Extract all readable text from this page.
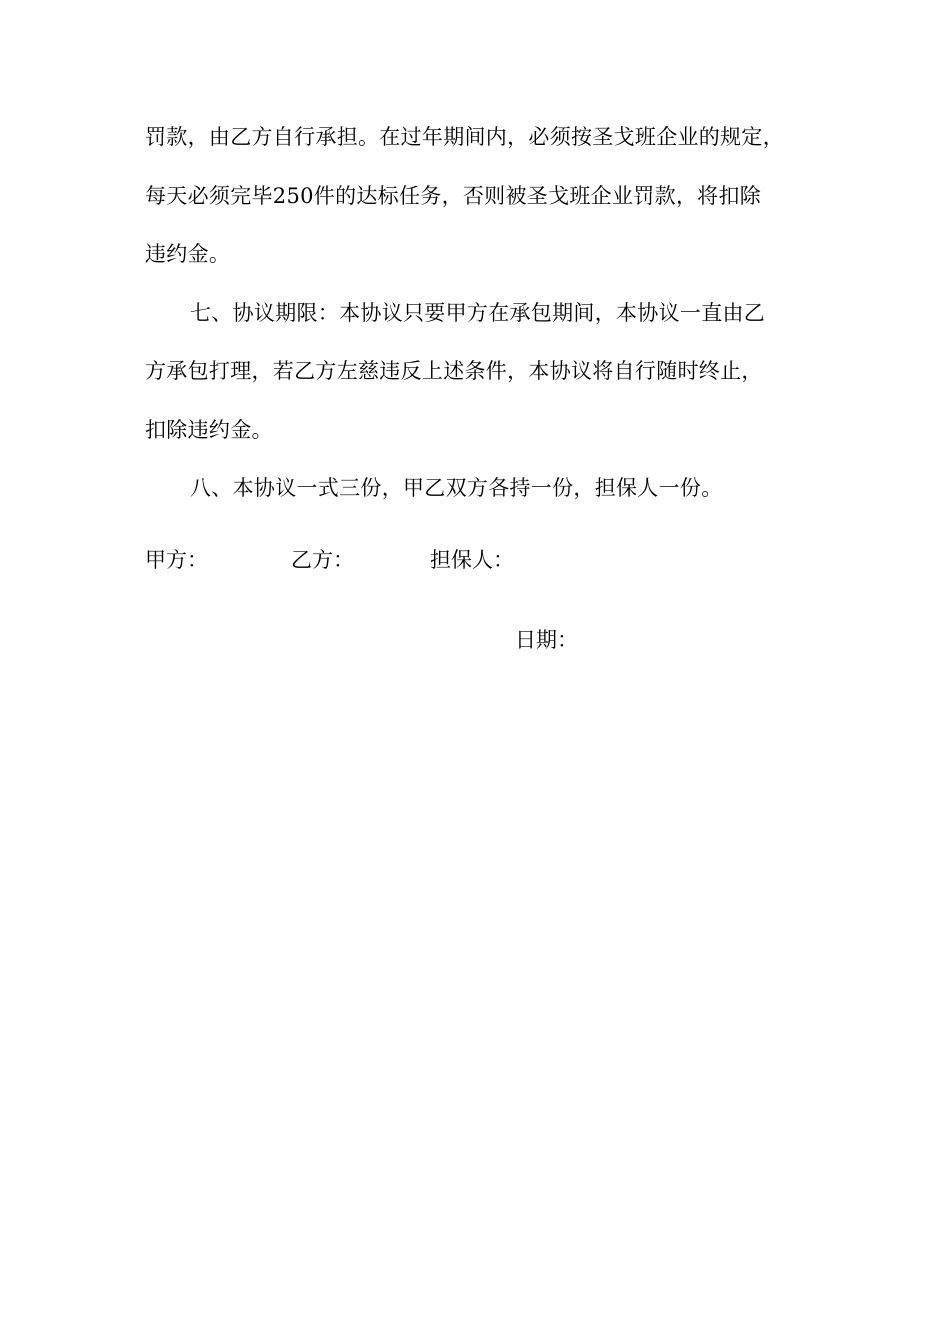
罚款，由乙方自行承担。在过年期间内，必须按圣戈班企业的规定，
每天必须完毕250件的达标任务，否则被圣戈班企业罚款，将扣除
违约金。
七、协议期限：本协议只要甲方在承包期间，本协议一直由乙
方承包打理，若乙方左慈违反上述条件，本协议将自行随时终止，
扣除违约金。
八、本协议一式三份，甲乙双方各持一份，担保人一份。
甲方：	乙方：	担保人：
日期：
